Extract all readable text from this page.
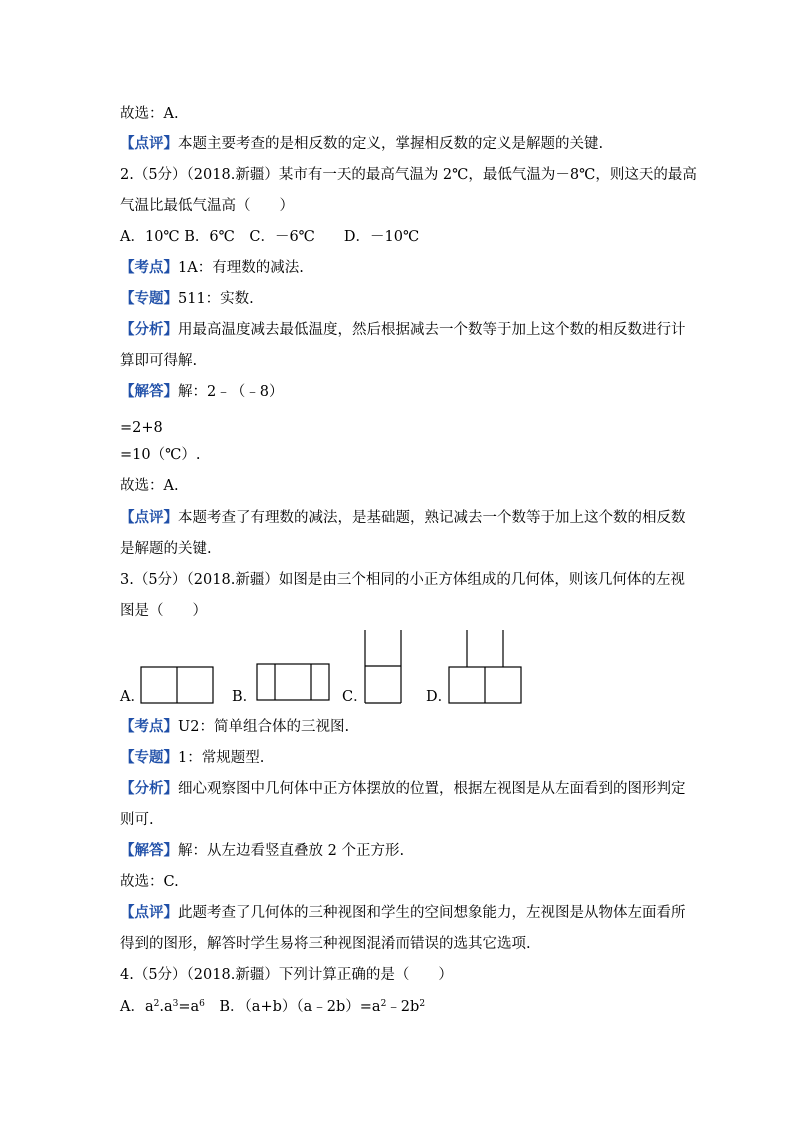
故选：A.
【点评】本题主要考查的是相反数的定义，掌握相反数的定义是解题的关键.
2.（5分）（2018.新疆）某市有一天的最高气温为 2℃，最低气温为－8℃，则这天的最高
气温比最低气温高（　　）
A．10℃ B．6℃　C．－6℃　　D．－10℃
【考点】1A：有理数的减法.
【专题】511：实数.
【分析】用最高温度减去最低温度，然后根据减去一个数等于加上这个数的相反数进行计
算即可得解.
【解答】解：2﹣（﹣8）
=2+8
=10（℃）.
故选：A.
【点评】本题考查了有理数的减法，是基础题，熟记减去一个数等于加上这个数的相反数
是解题的关键.
3.（5分）（2018.新疆）如图是由三个相同的小正方体组成的几何体，则该几何体的左视
图是（　　）
A．	B．	C．	D．
【考点】U2：简单组合体的三视图.
【专题】1：常规题型.
【分析】细心观察图中几何体中正方体摆放的位置，根据左视图是从左面看到的图形判定
则可.
【解答】解：从左边看竖直叠放 2 个正方形.
故选：C.
【点评】此题考查了几何体的三种视图和学生的空间想象能力，左视图是从物体左面看所
得到的图形，解答时学生易将三种视图混淆而错误的选其它选项.
4.（5分）（2018.新疆）下列计算正确的是（　　）
A．$a^2.a^3=a^6$　B．$(a+b)(a﹣2b)=a^2﹣2b^2$
